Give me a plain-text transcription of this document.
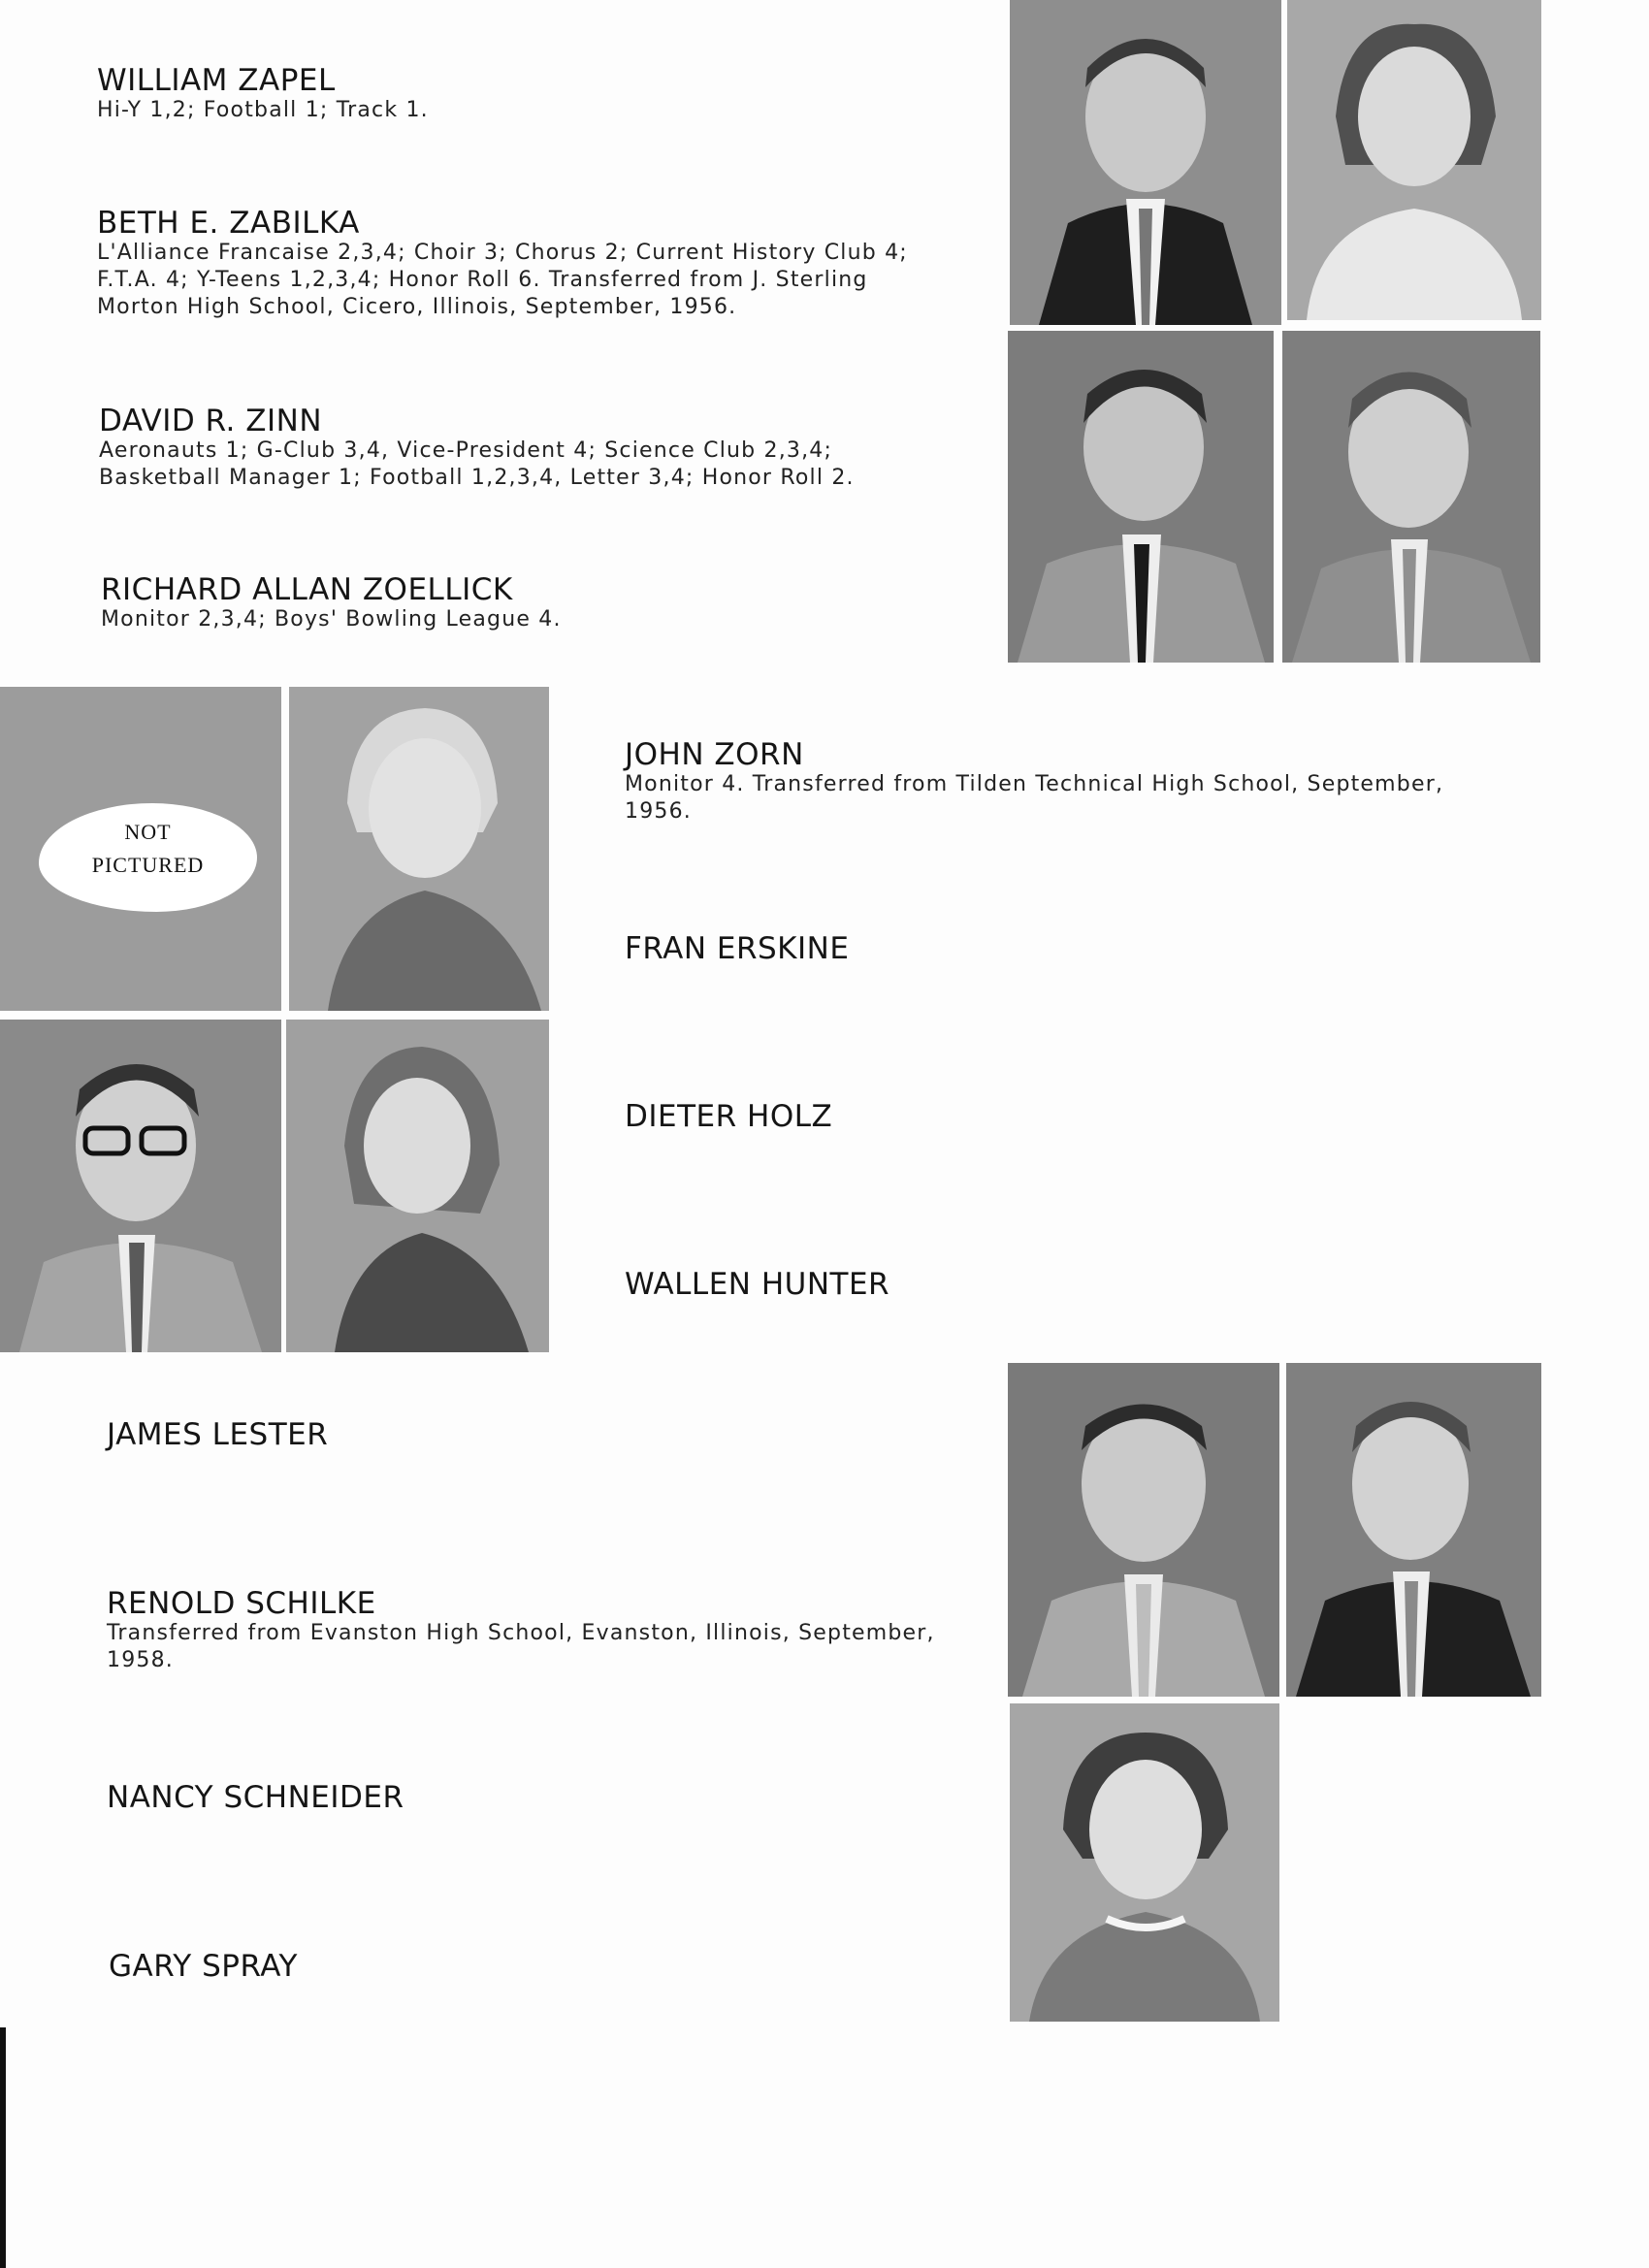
WILLIAM ZAPEL
Hi-Y 1,2; Football 1; Track 1.
BETH E. ZABILKA
L'Alliance Francaise 2,3,4; Choir 3; Chorus 2; Current History Club 4; F.T.A. 4; Y-Teens 1,2,3,4; Honor Roll 6. Transferred from J. Sterling Morton High School, Cicero, Illinois, September, 1956.
DAVID R. ZINN
Aeronauts 1; G-Club 3,4, Vice-President 4; Science Club 2,3,4; Basketball Manager 1; Football 1,2,3,4, Letter 3,4; Honor Roll 2.
RICHARD ALLAN ZOELLICK
Monitor 2,3,4; Boys' Bowling League 4.
JOHN ZORN
Monitor 4. Transferred from Tilden Technical High School, September, 1956.
FRAN ERSKINE
DIETER HOLZ
WALLEN HUNTER
JAMES LESTER
RENOLD SCHILKE
Transferred from Evanston High School, Evanston, Illinois, September, 1958.
NANCY SCHNEIDER
GARY SPRAY
NOT
PICTURED
